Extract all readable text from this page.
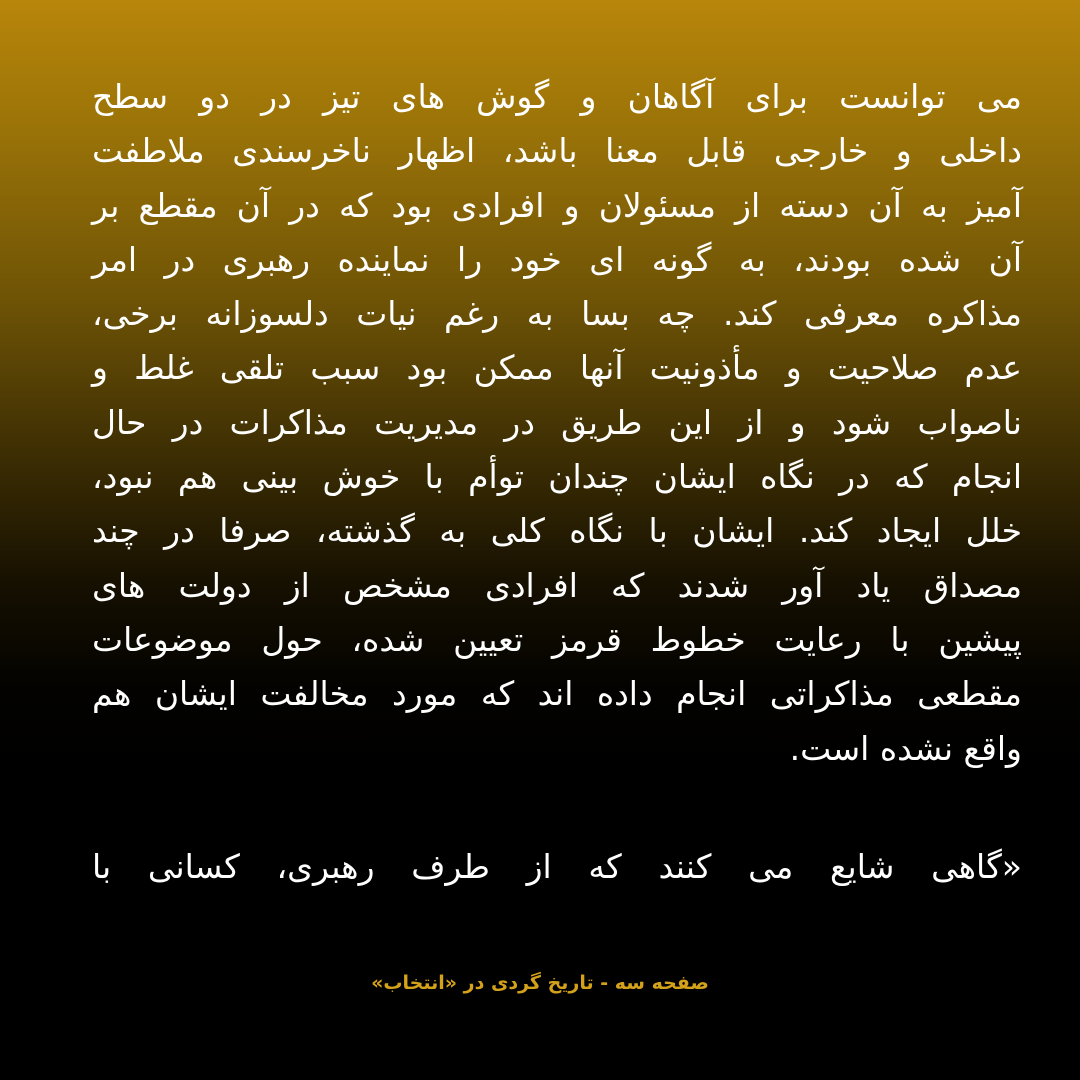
می توانست برای آگاهان و گوش های تیز در دو سطح
داخلی و خارجی قابل معنا باشد، اظهار ناخرسندی ملاطفت
آمیز به آن دسته از مسئولان و افرادی بود که در آن مقطع بر
آن شده بودند، به گونه ای خود را نماینده رهبری در امر
مذاکره معرفی کند. چه بسا به رغم نیات دلسوزانه برخی،
عدم صلاحیت و مأذونیت آنها ممکن بود سبب تلقی غلط و
ناصواب شود و از این طریق در مدیریت مذاکرات در حال
انجام که در نگاه ایشان چندان توأم با خوش بینی هم نبود،
خلل ایجاد کند. ایشان با نگاه کلی به گذشته، صرفا در چند
مصداق یاد آور شدند که افرادی مشخص از دولت های
پیشین با رعایت خطوط قرمز تعیین شده، حول موضوعات
مقطعی مذاکراتی انجام داده اند که مورد مخالفت ایشان هم
واقع نشده است.
«گاهی شایع می کنند که از طرف رهبری، کسانی با
صفحه سه - تاریخ گردی در «انتخاب»
